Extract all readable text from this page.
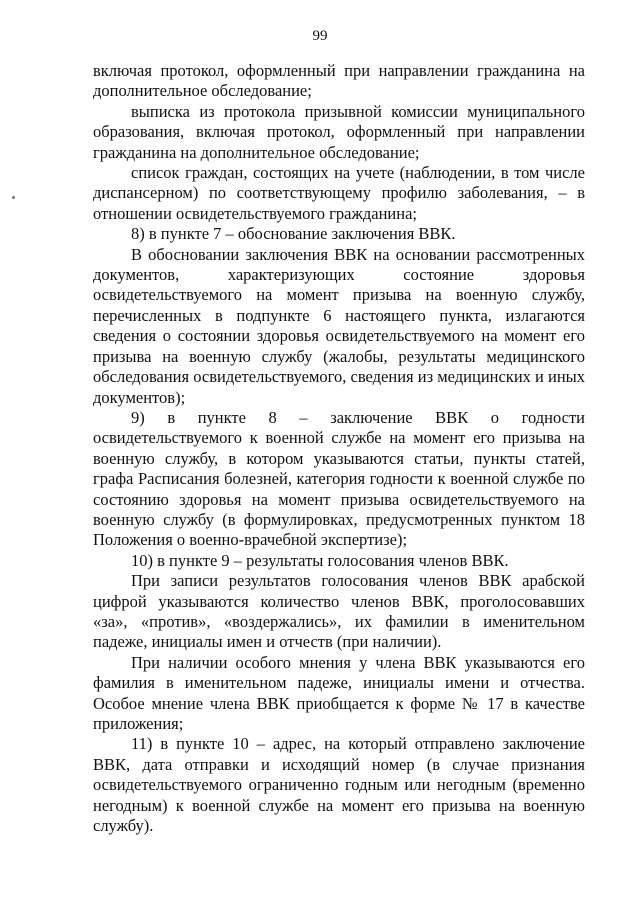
99

включая протокол, оформленный при направлении гражданина на дополнительное обследование;

выписка из протокола призывной комиссии муниципального образования, включая протокол, оформленный при направлении гражданина на дополнительное обследование;

список граждан, состоящих на учете (наблюдении, в том числе диспансерном) по соответствующему профилю заболевания, – в отношении освидетельствуемого гражданина;

8) в пункте 7 – обоснование заключения ВВК.

В обосновании заключения ВВК на основании рассмотренных документов, характеризующих состояние здоровья освидетельствуемого на момент призыва на военную службу, перечисленных в подпункте 6 настоящего пункта, излагаются сведения о состоянии здоровья освидетельствуемого на момент его призыва на военную службу (жалобы, результаты медицинского обследования освидетельствуемого, сведения из медицинских и иных документов);

9) в пункте 8 – заключение ВВК о годности освидетельствуемого к военной службе на момент его призыва на военную службу, в котором указываются статьи, пункты статей, графа Расписания болезней, категория годности к военной службе по состоянию здоровья на момент призыва освидетельствуемого на военную службу (в формулировках, предусмотренных пунктом 18 Положения о военно-врачебной экспертизе);

10) в пункте 9 – результаты голосования членов ВВК.

При записи результатов голосования членов ВВК арабской цифрой указываются количество членов ВВК, проголосовавших «за», «против», «воздержались», их фамилии в именительном падеже, инициалы имен и отчеств (при наличии).

При наличии особого мнения у члена ВВК указываются его фамилия в именительном падеже, инициалы имени и отчества. Особое мнение члена ВВК приобщается к форме № 17 в качестве приложения;

11) в пункте 10 – адрес, на который отправлено заключение ВВК, дата отправки и исходящий номер (в случае признания освидетельствуемого ограниченно годным или негодным (временно негодным) к военной службе на момент его призыва на военную службу).
